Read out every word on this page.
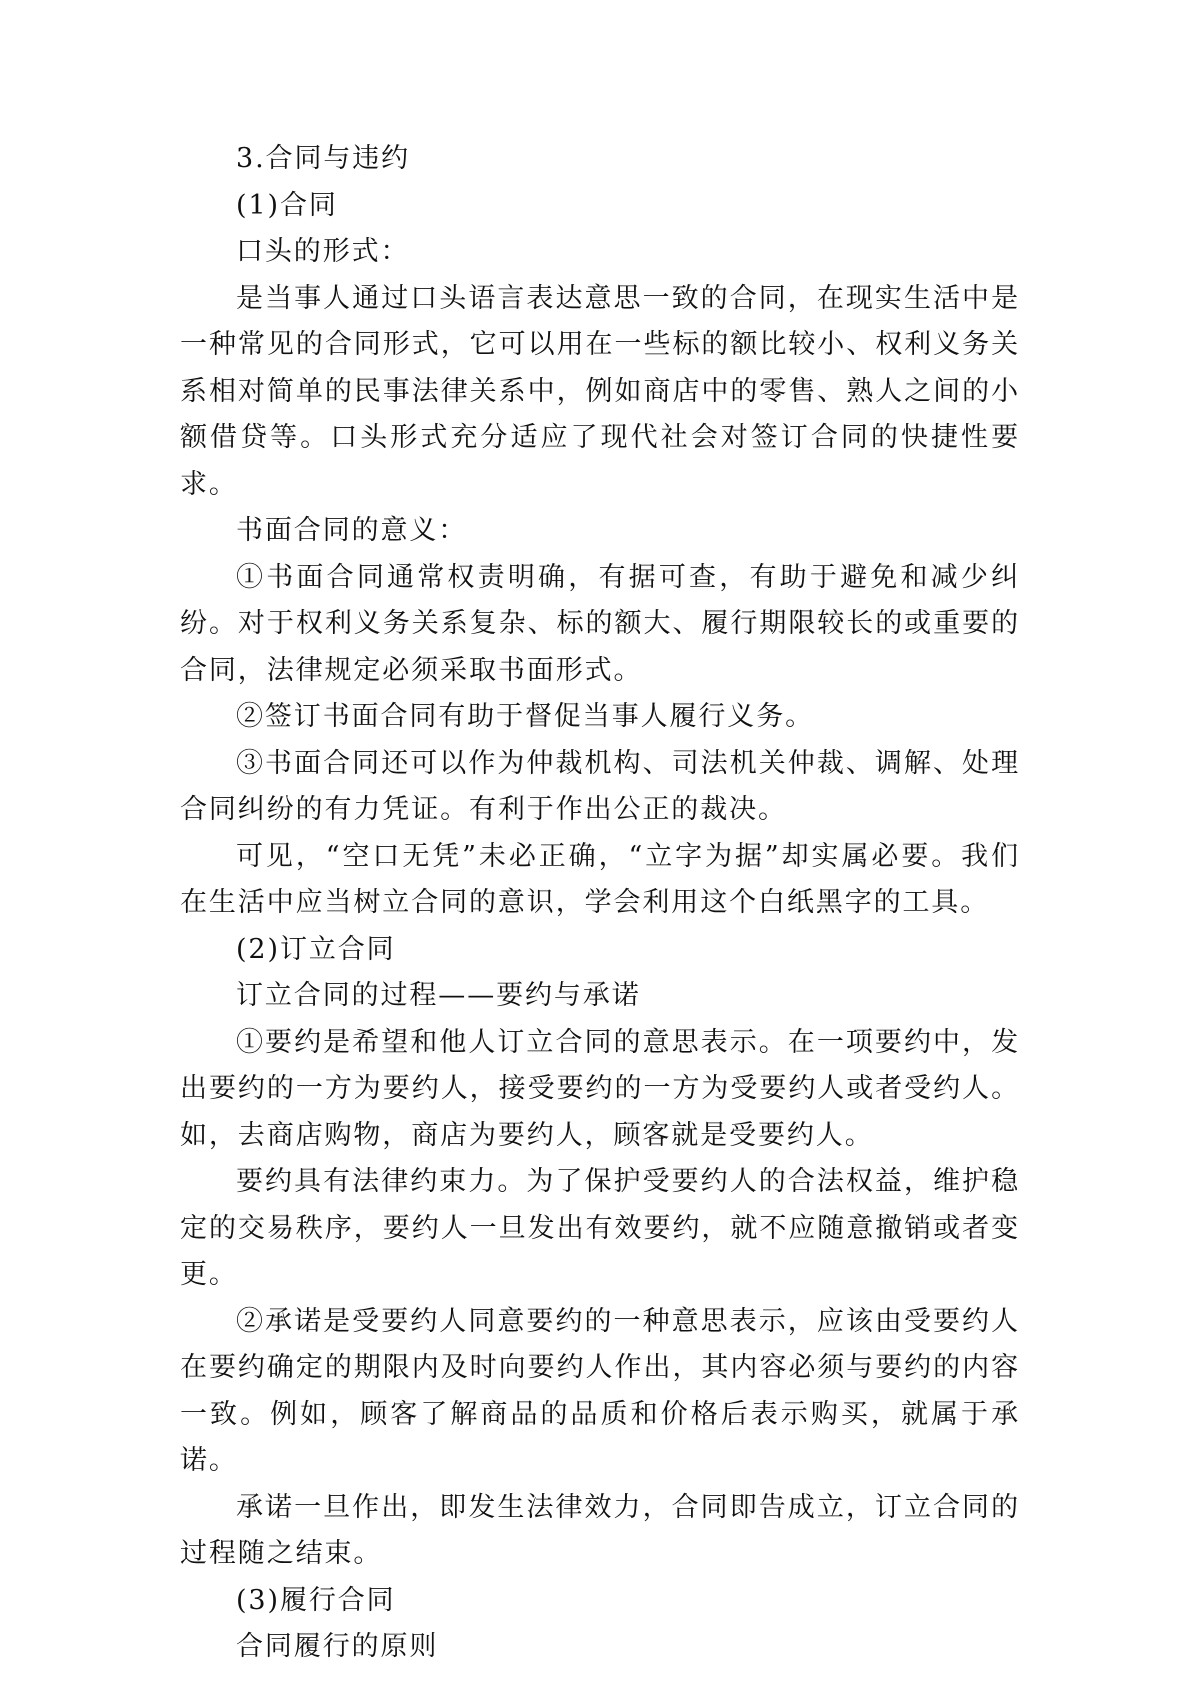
3.合同与违约

(1)合同

口头的形式：

是当事人通过口头语言表达意思一致的合同，在现实生活中是一种常见的合同形式，它可以用在一些标的额比较小、权利义务关系相对简单的民事法律关系中，例如商店中的零售、熟人之间的小额借贷等。口头形式充分适应了现代社会对签订合同的快捷性要求。

书面合同的意义：

①书面合同通常权责明确，有据可查，有助于避免和减少纠纷。对于权利义务关系复杂、标的额大、履行期限较长的或重要的合同，法律规定必须采取书面形式。

②签订书面合同有助于督促当事人履行义务。

③书面合同还可以作为仲裁机构、司法机关仲裁、调解、处理合同纠纷的有力凭证。有利于作出公正的裁决。

可见，“空口无凭”未必正确，“立字为据”却实属必要。我们在生活中应当树立合同的意识，学会利用这个白纸黑字的工具。

(2)订立合同

订立合同的过程——要约与承诺

①要约是希望和他人订立合同的意思表示。在一项要约中，发出要约的一方为要约人，接受要约的一方为受要约人或者受约人。如，去商店购物，商店为要约人，顾客就是受要约人。

要约具有法律约束力。为了保护受要约人的合法权益，维护稳定的交易秩序，要约人一旦发出有效要约，就不应随意撤销或者变更。

②承诺是受要约人同意要约的一种意思表示，应该由受要约人在要约确定的期限内及时向要约人作出，其内容必须与要约的内容一致。例如，顾客了解商品的品质和价格后表示购买，就属于承诺。

承诺一旦作出，即发生法律效力，合同即告成立，订立合同的过程随之结束。

(3)履行合同

合同履行的原则
